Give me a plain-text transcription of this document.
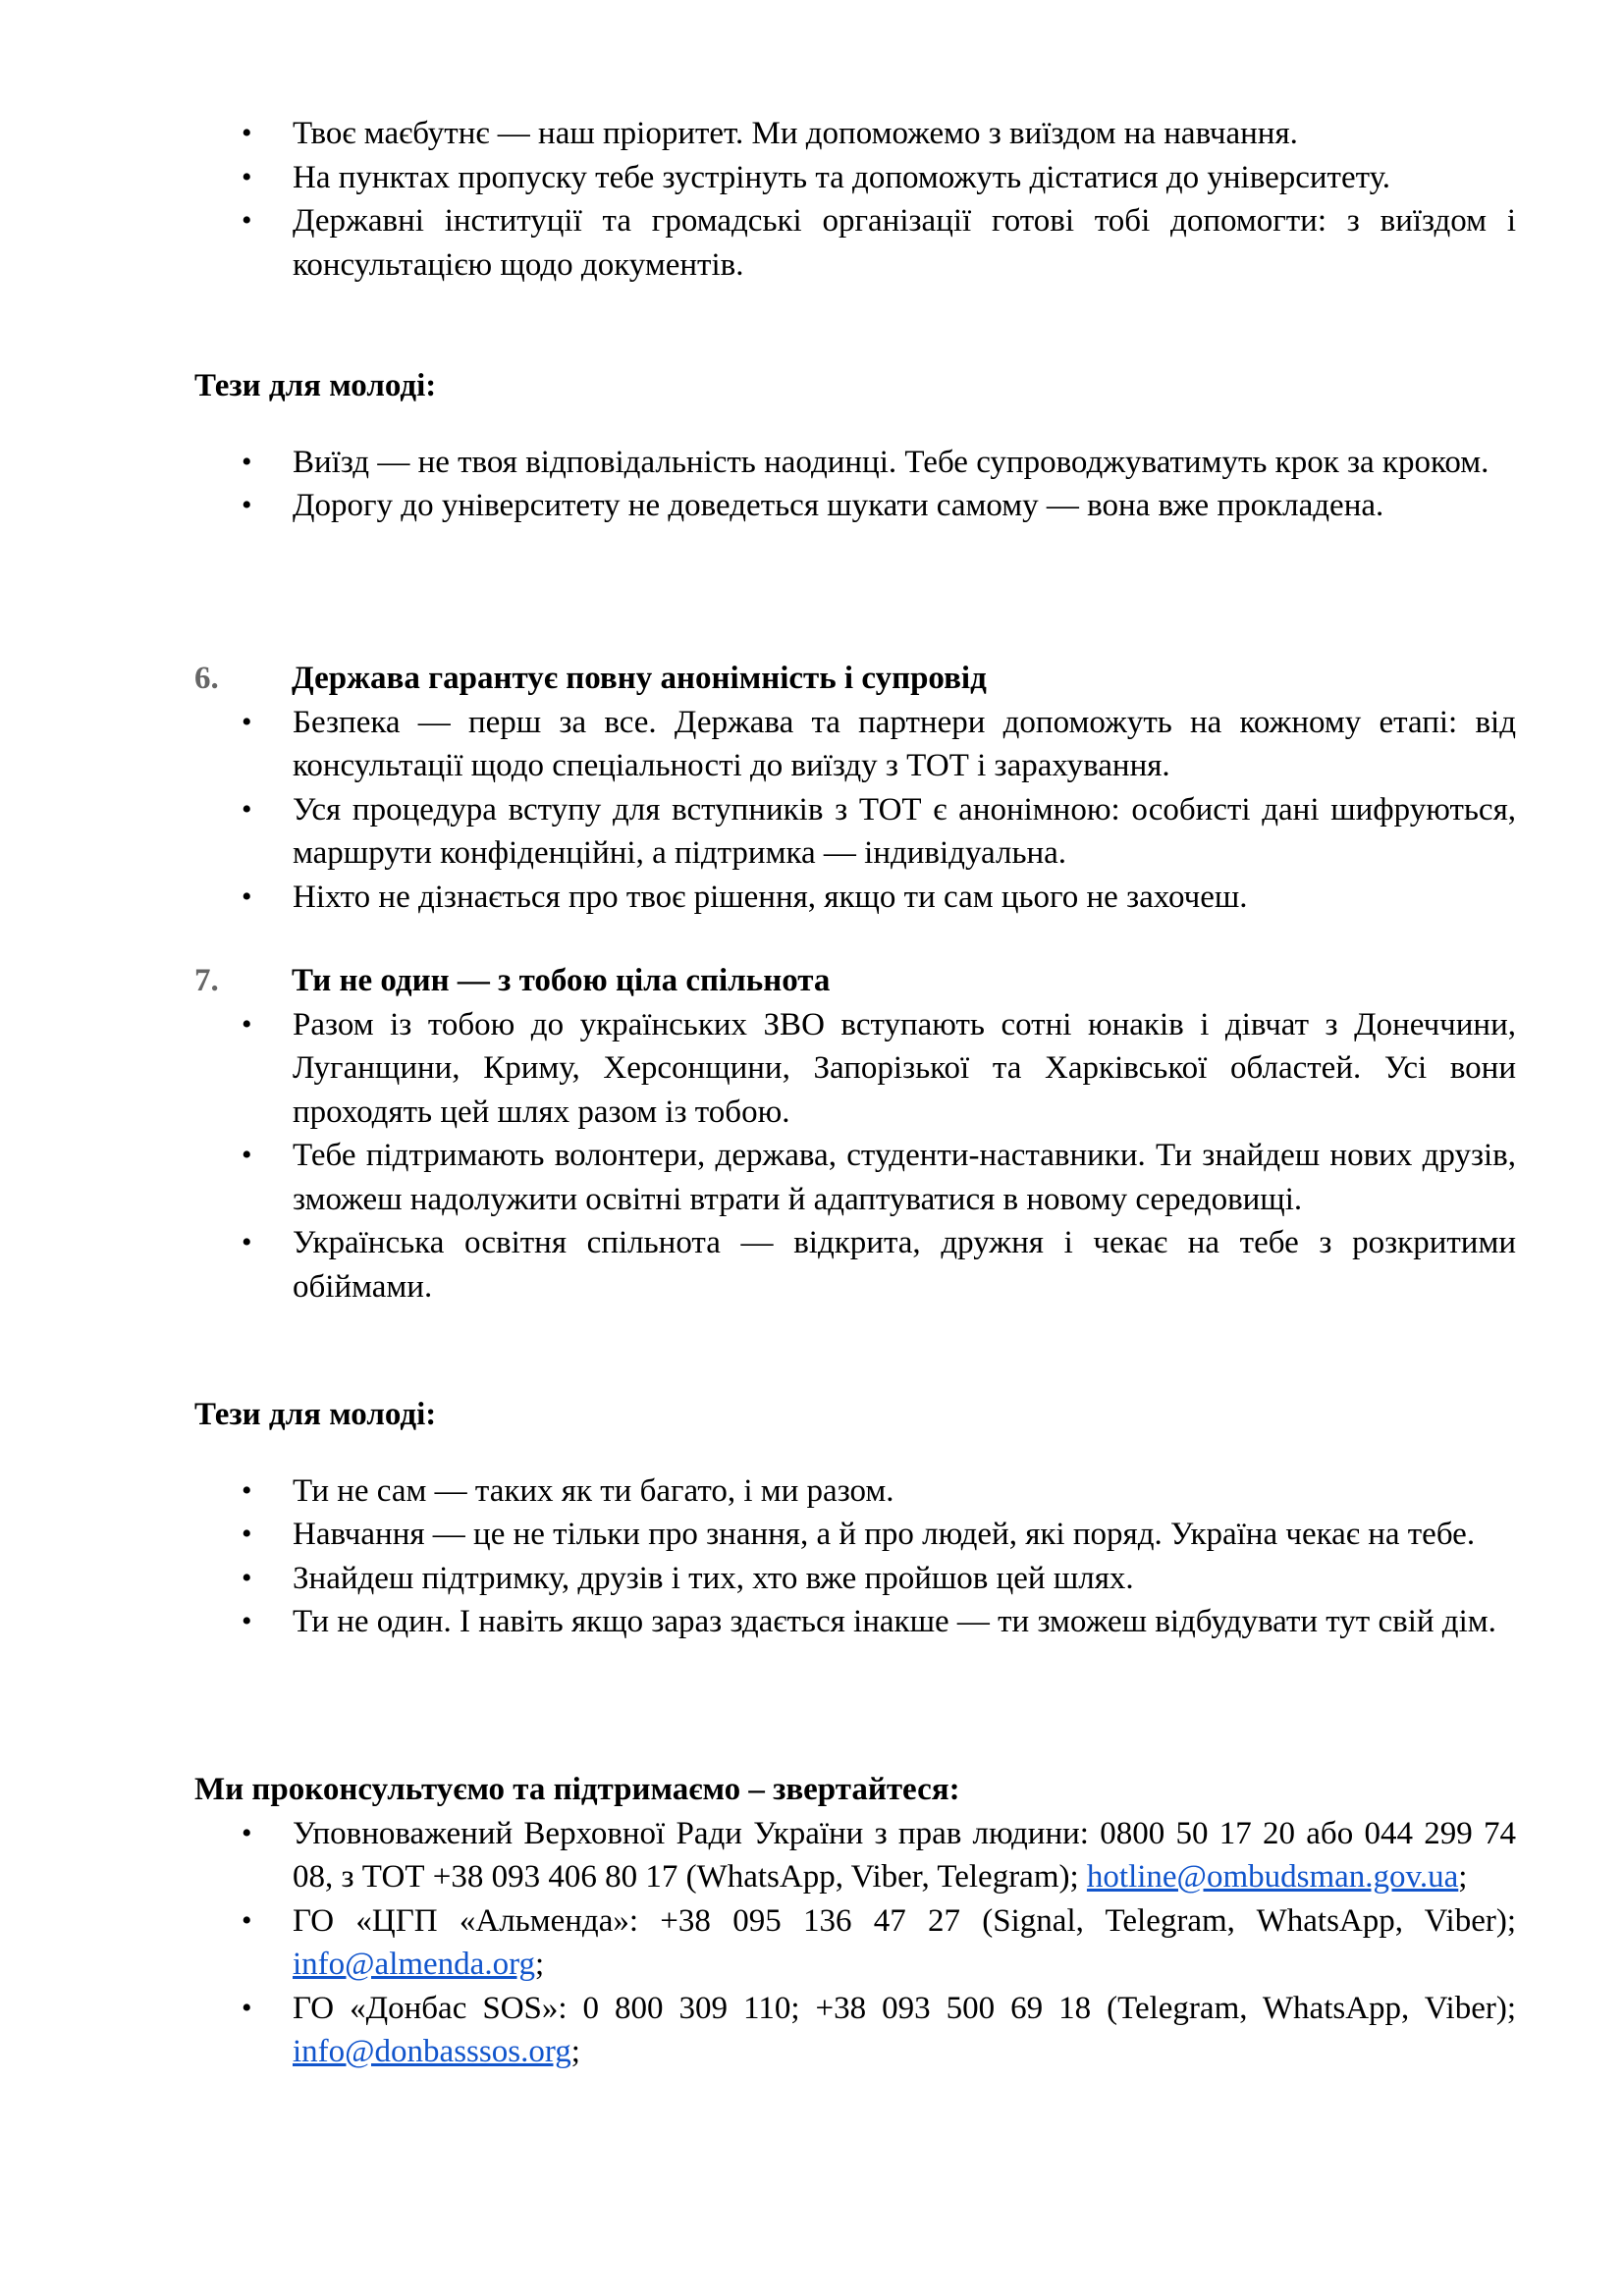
• Твоє маєбутнє — наш пріоритет. Ми допоможемо з виїздом на навчання.
• На пунктах пропуску тебе зустрінуть та допоможуть дістатися до університету.
• Державні інституції та громадські організації готові тобі допомогти: з виїздом і консультацією щодо документів.
Тези для молоді:
• Виїзд — не твоя відповідальність наодинці. Тебе супроводжуватимуть крок за кроком.
• Дорогу до університету не доведеться шукати самому — вона вже прокладена.
6.	Держава гарантує повну анонімність і супровід
• Безпека — перш за все. Держава та партнери допоможуть на кожному етапі: від консультації щодо спеціальності до виїзду з ТОТ і зарахування.
• Уся процедура вступу для вступників з ТОТ є анонімною: особисті дані шифруються, маршрути конфіденційні, а підтримка — індивідуальна.
• Ніхто не дізнається про твоє рішення, якщо ти сам цього не захочеш.
7.	Ти не один — з тобою ціла спільнота
• Разом із тобою до українських ЗВО вступають сотні юнаків і дівчат з Донеччини, Луганщини, Криму, Херсонщини, Запорізької та Харківської областей. Усі вони проходять цей шлях разом із тобою.
• Тебе підтримають волонтери, держава, студенти-наставники. Ти знайдеш нових друзів, зможеш надолужити освітні втрати й адаптуватися в новому середовищі.
• Українська освітня спільнота — відкрита, дружня і чекає на тебе з розкритими обіймами.
Тези для молоді:
• Ти не сам — таких як ти багато, і ми разом.
• Навчання — це не тільки про знання, а й про людей, які поряд. Україна чекає на тебе.
• Знайдеш підтримку, друзів і тих, хто вже пройшов цей шлях.
• Ти не один. І навіть якщо зараз здається інакше — ти зможеш відбудувати тут свій дім.
Ми проконсультуємо та підтримаємо – звертайтеся:
• Уповноважений Верховної Ради України з прав людини: 0800 50 17 20 або 044 299 74 08, з ТОТ +38 093 406 80 17 (WhatsApp, Viber, Telegram); hotline@ombudsman.gov.ua;
• ГО «ЦГП «Альменда»: +38 095 136 47 27 (Signal, Telegram, WhatsApp, Viber); info@almenda.org;
• ГО «Донбас SOS»: 0 800 309 110; +38 093 500 69 18 (Telegram, WhatsApp, Viber); info@donbasssos.org;
